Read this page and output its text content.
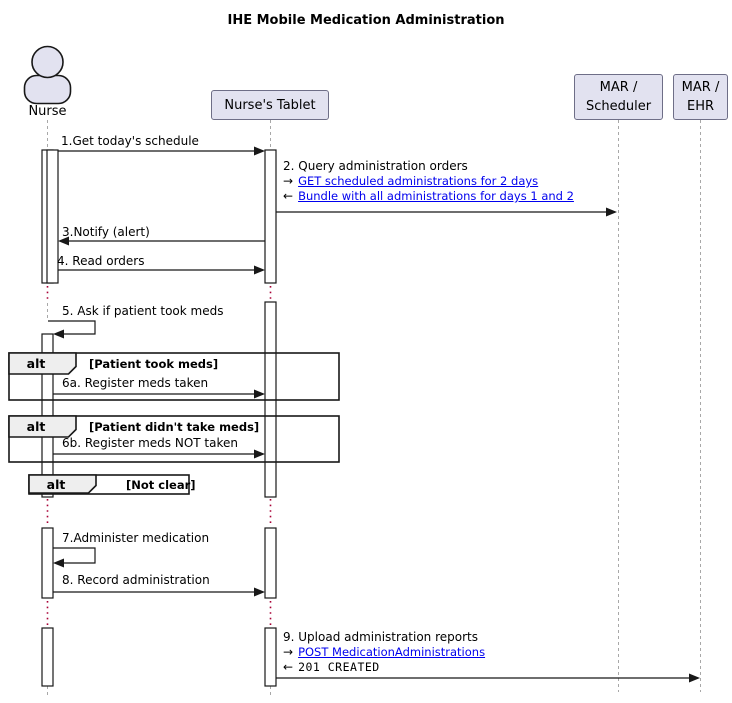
IHE Mobile Medication Administration
Nurse	Nurse's Tablet
MAR /
Scheduler
MAR /
EHR
1.Get today's schedule
2. Query administration orders
→ GET scheduled administrations for 2 days
← Bundle with all administrations for days 1 and 2
3.Notify (alert)
4. Read orders
5. Ask if patient took meds
alt	[Patient took meds]
6a. Register meds taken
alt	[Patient didn't take meds]
6b. Register meds NOT taken
alt	[Not clear]
7.Administer medication
8. Record administration
9. Upload administration reports
→ POST MedicationAdministrations
← 201 CREATED
